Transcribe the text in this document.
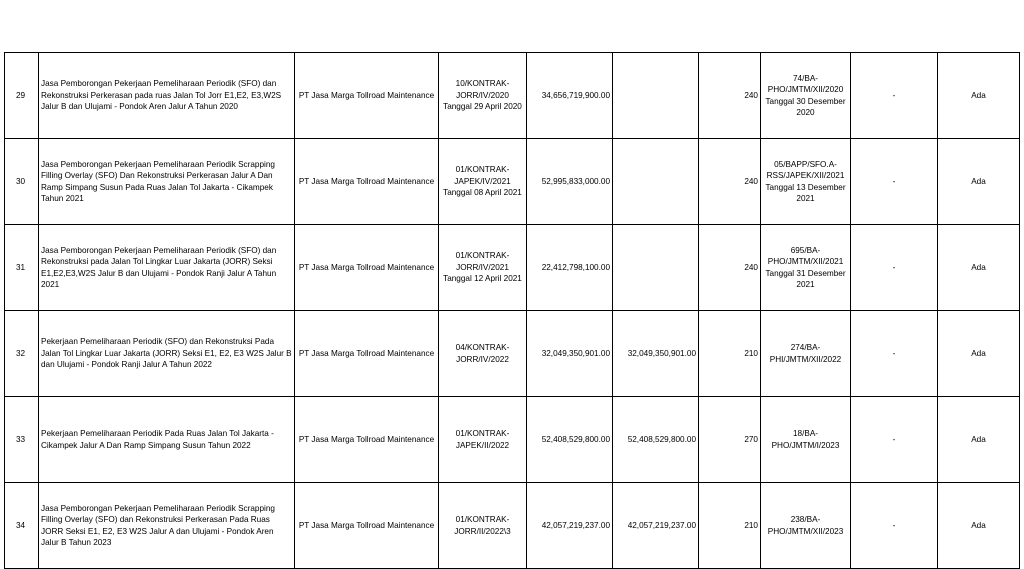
29	Jasa Pemborongan Pekerjaan Pemeliharaan Periodik (SFO) dan Rekonstruksi Perkerasan pada ruas Jalan Tol Jorr E1,E2, E3,W2S Jalur B dan Ulujami - Pondok Aren Jalur A Tahun 2020	PT Jasa Marga Tollroad Maintenance	10/KONTRAK-JORR/IV/2020 Tanggal 29 April 2020	34,656,719,900.00		240	74/BA-PHO/JMTM/XII/2020 Tanggal 30 Desember 2020	-	Ada
30	Jasa Pemborongan Pekerjaan Pemeliharaan Periodik Scrapping Filling Overlay (SFO) Dan Rekonstruksi Perkerasan Jalur A Dan Ramp Simpang Susun Pada Ruas Jalan Tol Jakarta - Cikampek Tahun 2021	PT Jasa Marga Tollroad Maintenance	01/KONTRAK-JAPEK/IV/2021 Tanggal 08 April 2021	52,995,833,000.00		240	05/BAPP/SFO.A-RSS/JAPEK/XII/2021 Tanggal 13 Desember 2021	-	Ada
31	Jasa Pemborongan Pekerjaan Pemeliharaan Periodik (SFO) dan Rekonstruksi pada Jalan Tol Lingkar Luar Jakarta (JORR) Seksi E1,E2,E3,W2S Jalur B dan Ulujami - Pondok Ranji Jalur A Tahun 2021	PT Jasa Marga Tollroad Maintenance	01/KONTRAK-JORR/IV/2021 Tanggal 12 April 2021	22,412,798,100.00		240	695/BA-PHO/JMTM/XII/2021 Tanggal 31 Desember 2021	-	Ada
32	Pekerjaan Pemeliharaan Periodik (SFO) dan Rekonstruksi Pada Jalan Tol Lingkar Luar Jakarta (JORR) Seksi E1, E2, E3 W2S Jalur B dan Ulujami - Pondok Ranji Jalur A Tahun 2022	PT Jasa Marga Tollroad Maintenance	04/KONTRAK-JORR/IV/2022	32,049,350,901.00	32,049,350,901.00	210	274/BA-PHI/JMTM/XII/2022	-	Ada
33	Pekerjaan Pemeliharaan Periodik Pada Ruas Jalan Tol Jakarta - Cikampek Jalur A Dan Ramp Simpang Susun Tahun 2022	PT Jasa Marga Tollroad Maintenance	01/KONTRAK-JAPEK/II/2022	52,408,529,800.00	52,408,529,800.00	270	18/BA-PHO/JMTM/I/2023	-	Ada
34	Jasa Pemborongan Pekerjaan Pemeliharaan Periodik Scrapping Filling Overlay (SFO) dan Rekonstruksi Perkerasan Pada Ruas JORR Seksi E1, E2, E3 W2S Jalur A dan Ulujami - Pondok Aren Jalur B Tahun 2023	PT Jasa Marga Tollroad Maintenance	01/KONTRAK-JORR/II/2022\3	42,057,219,237.00	42,057,219,237.00	210	238/BA-PHO/JMTM/XII/2023	-	Ada
